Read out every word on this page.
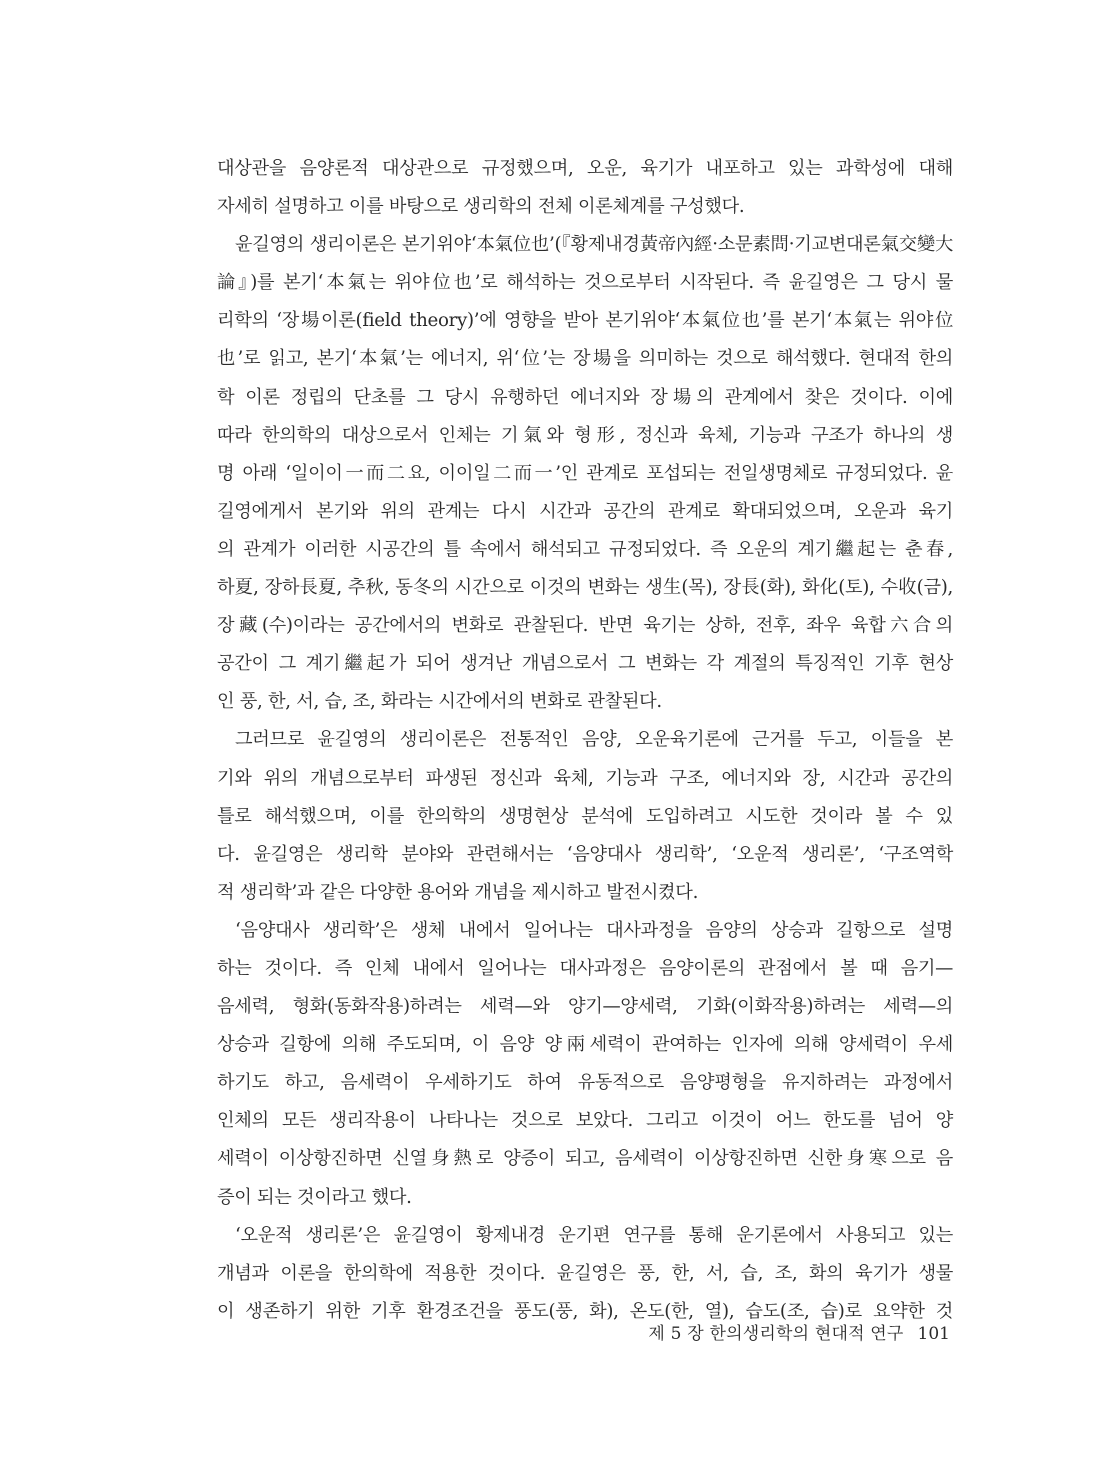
대상관을 음양론적 대상관으로 규정했으며, 오운, 육기가 내포하고 있는 과학성에 대해
자세히 설명하고 이를 바탕으로 생리학의 전체 이론체계를 구성했다.
윤길영의 생리이론은 본기위야‘本氣位也’(『황제내경黃帝內經·소문素問·기교변대론氣交變大
論』)를 본기‘本氣는 위야位也’로 해석하는 것으로부터 시작된다. 즉 윤길영은 그 당시 물
리학의 ‘장場이론(field theory)’에 영향을 받아 본기위야‘本氣位也’를 본기‘本氣는 위야位
也’로 읽고, 본기‘本氣’는 에너지, 위‘位’는 장場을 의미하는 것으로 해석했다. 현대적 한의
학 이론 정립의 단초를 그 당시 유행하던 에너지와 장場의 관계에서 찾은 것이다. 이에
따라 한의학의 대상으로서 인체는 기氣와 형形, 정신과 육체, 기능과 구조가 하나의 생
명 아래 ‘일이이一而二요, 이이일二而一’인 관계로 포섭되는 전일생명체로 규정되었다. 윤
길영에게서 본기와 위의 관계는 다시 시간과 공간의 관계로 확대되었으며, 오운과 육기
의 관계가 이러한 시공간의 틀 속에서 해석되고 규정되었다. 즉 오운의 계기繼起는 춘春,
하夏, 장하長夏, 추秋, 동冬의 시간으로 이것의 변화는 생生(목), 장長(화), 화化(토), 수收(금),
장藏(수)이라는 공간에서의 변화로 관찰된다. 반면 육기는 상하, 전후, 좌우 육합六合의
공간이 그 계기繼起가 되어 생겨난 개념으로서 그 변화는 각 계절의 특징적인 기후 현상
인 풍, 한, 서, 습, 조, 화라는 시간에서의 변화로 관찰된다.
그러므로 윤길영의 생리이론은 전통적인 음양, 오운육기론에 근거를 두고, 이들을 본
기와 위의 개념으로부터 파생된 정신과 육체, 기능과 구조, 에너지와 장, 시간과 공간의
틀로 해석했으며, 이를 한의학의 생명현상 분석에 도입하려고 시도한 것이라 볼 수 있
다. 윤길영은 생리학 분야와 관련해서는 ‘음양대사 생리학’, ‘오운적 생리론’, ‘구조역학
적 생리학’과 같은 다양한 용어와 개념을 제시하고 발전시켰다.
‘음양대사 생리학’은 생체 내에서 일어나는 대사과정을 음양의 상승과 길항으로 설명
하는 것이다. 즉 인체 내에서 일어나는 대사과정은 음양이론의 관점에서 볼 때 음기—
음세력, 형화(동화작용)하려는 세력—와 양기—양세력, 기화(이화작용)하려는 세력—의
상승과 길항에 의해 주도되며, 이 음양 양兩세력이 관여하는 인자에 의해 양세력이 우세
하기도 하고, 음세력이 우세하기도 하여 유동적으로 음양평형을 유지하려는 과정에서
인체의 모든 생리작용이 나타나는 것으로 보았다. 그리고 이것이 어느 한도를 넘어 양
세력이 이상항진하면 신열身熱로 양증이 되고, 음세력이 이상항진하면 신한身寒으로 음
증이 되는 것이라고 했다.
‘오운적 생리론’은 윤길영이 황제내경 운기편 연구를 통해 운기론에서 사용되고 있는
개념과 이론을 한의학에 적용한 것이다. 윤길영은 풍, 한, 서, 습, 조, 화의 육기가 생물
이 생존하기 위한 기후 환경조건을 풍도(풍, 화), 온도(한, 열), 습도(조, 습)로 요약한 것
제 5 장 한의생리학의 현대적 연구 101
